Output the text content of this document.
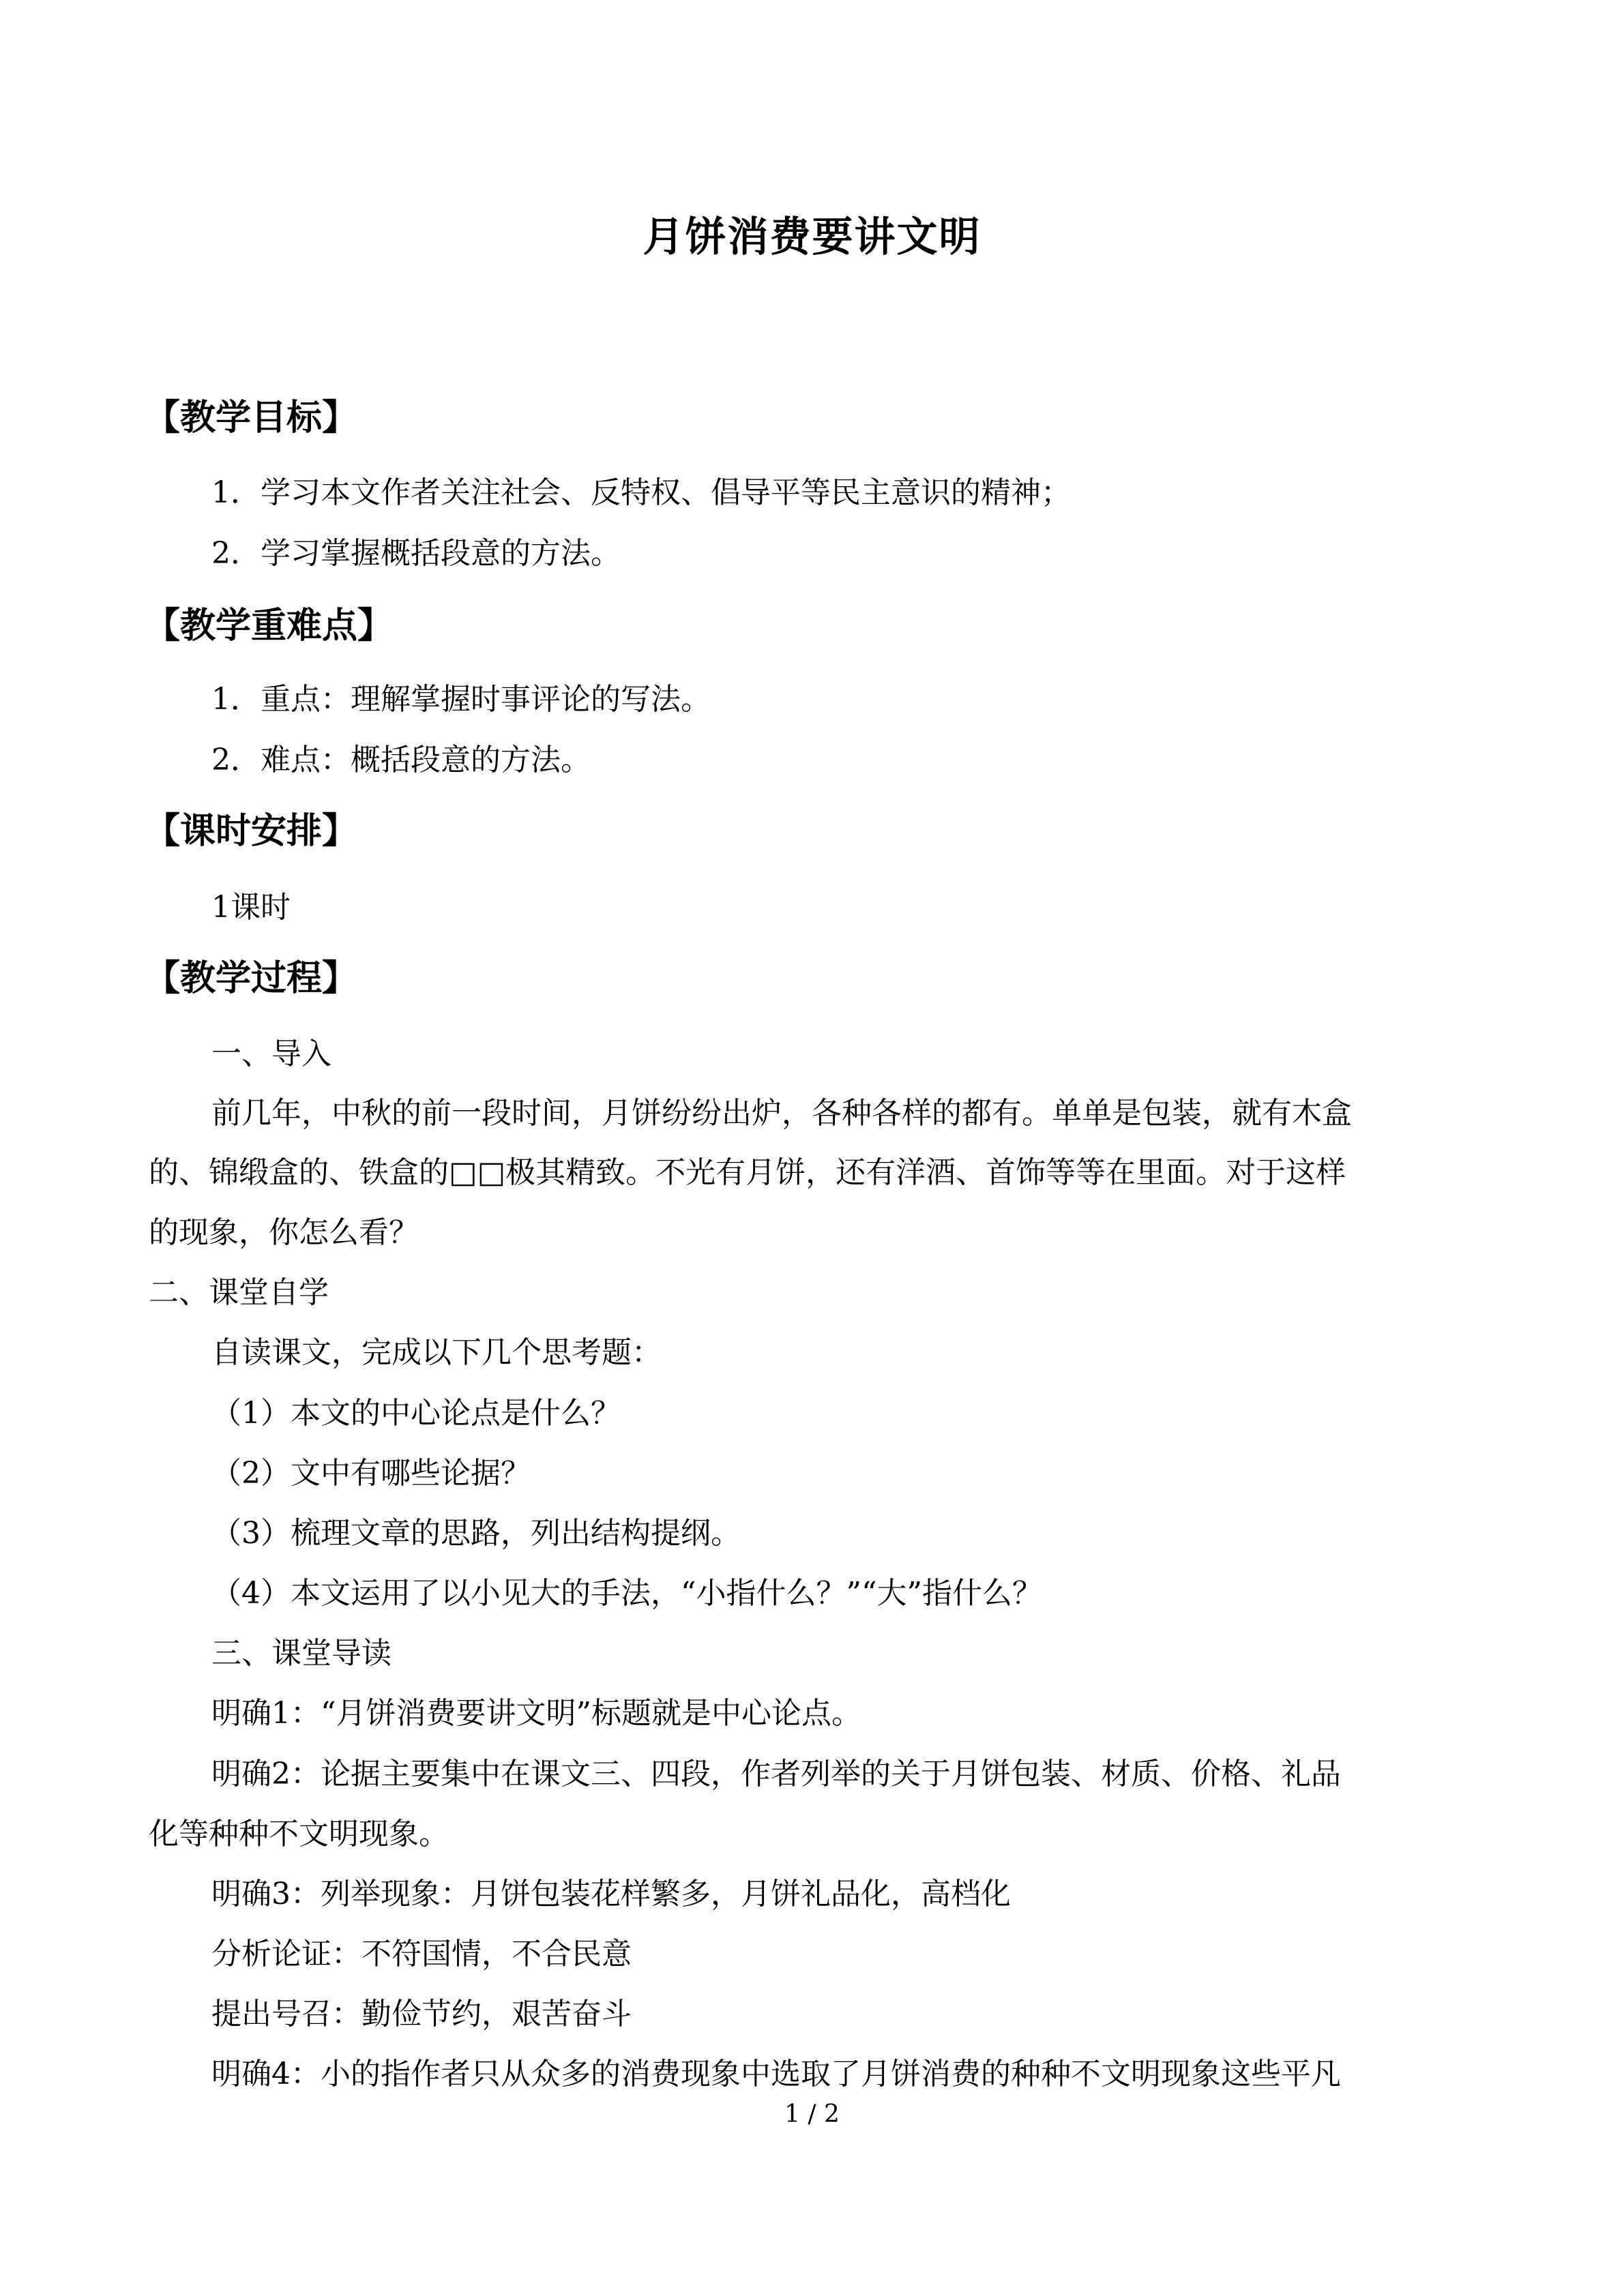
月饼消费要讲文明
【教学目标】
1．学习本文作者关注社会、反特权、倡导平等民主意识的精神；
2．学习掌握概括段意的方法。
【教学重难点】
1．重点：理解掌握时事评论的写法。
2．难点：概括段意的方法。
【课时安排】
1课时
【教学过程】
一、导入
前几年，中秋的前一段时间，月饼纷纷出炉，各种各样的都有。单单是包装，就有木盒
的、锦缎盒的、铁盒的□□极其精致。不光有月饼，还有洋酒、首饰等等在里面。对于这样
的现象，你怎么看？
二、课堂自学
自读课文，完成以下几个思考题：
（1）本文的中心论点是什么？
（2）文中有哪些论据？
（3）梳理文章的思路，列出结构提纲。
（4）本文运用了以小见大的手法，“小指什么？”“大”指什么？
三、课堂导读
明确1：“月饼消费要讲文明”标题就是中心论点。
明确2：论据主要集中在课文三、四段，作者列举的关于月饼包装、材质、价格、礼品
化等种种不文明现象。
明确3：列举现象：月饼包装花样繁多，月饼礼品化，高档化
分析论证：不符国情，不合民意
提出号召：勤俭节约，艰苦奋斗
明确4：小的指作者只从众多的消费现象中选取了月饼消费的种种不文明现象这些平凡
1 / 2
